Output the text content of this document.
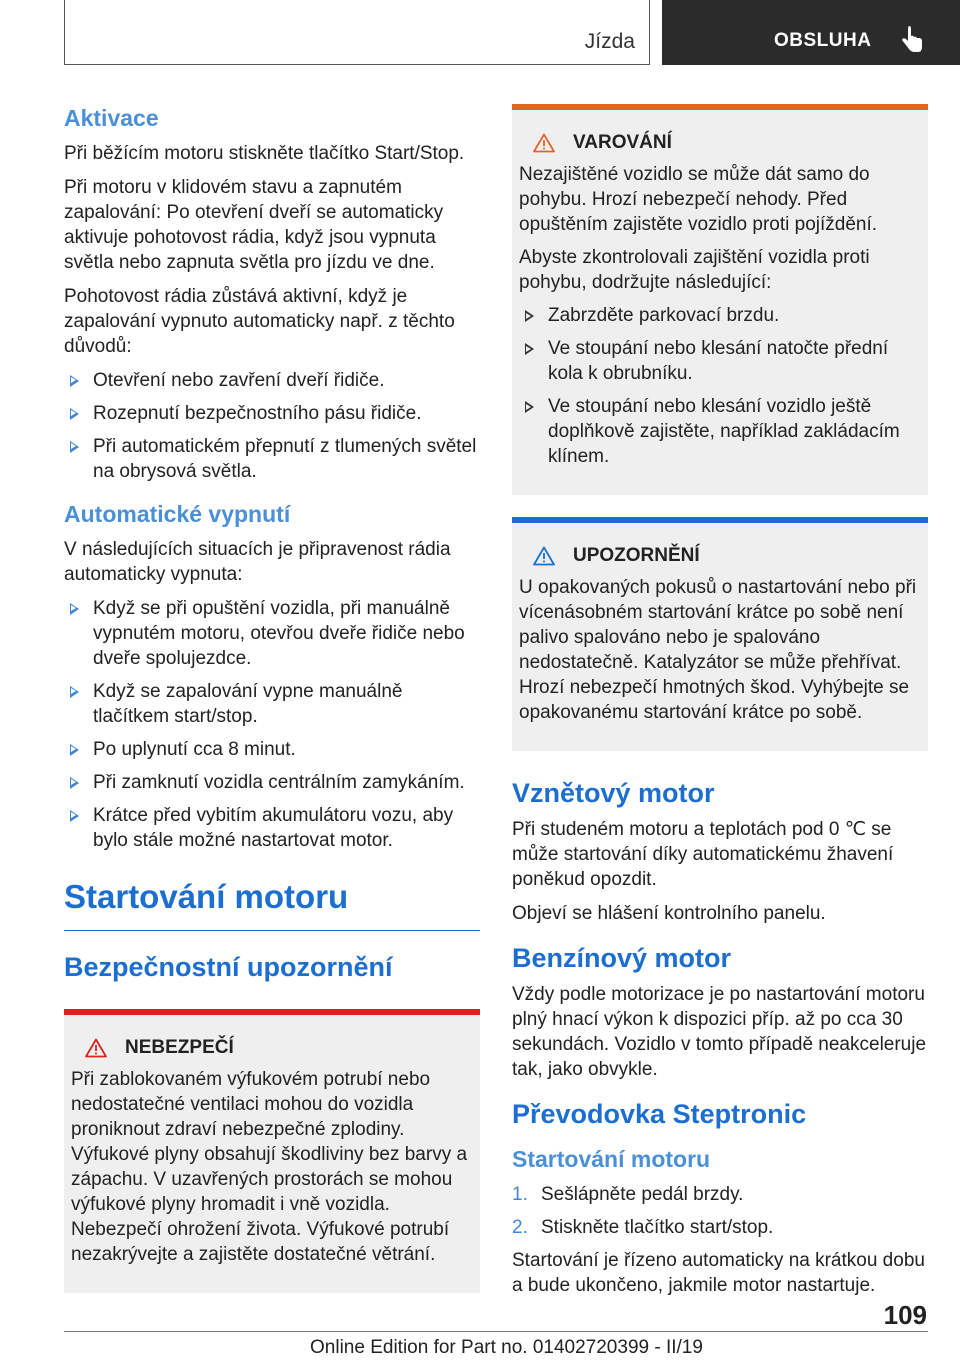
Jízda	OBSLUHA
Aktivace

Při běžícím motoru stiskněte tlačítko Start/Stop.

Při motoru v klidovém stavu a zapnutém zapalování: Po otevření dveří se automaticky aktivuje pohotovost rádia, když jsou vypnuta světla nebo zapnuta světla pro jízdu ve dne.

Pohotovost rádia zůstává aktivní, když je zapalování vypnuto automaticky např. z těchto důvodů:

Otevření nebo zavření dveří řidiče.
Rozepnutí bezpečnostního pásu řidiče.
Při automatickém přepnutí z tlumených světel na obrysová světla.
Automatické vypnutí

V následujících situacích je připravenost rádia automaticky vypnuta:

Když se při opuštění vozidla, při manuálně vypnutém motoru, otevřou dveře řidiče nebo dveře spolujezdce.
Když se zapalování vypne manuálně tlačítkem start/stop.
Po uplynutí cca 8 minut.
Při zamknutí vozidla centrálním zamykáním.
Krátce před vybitím akumulátoru vozu, aby bylo stále možné nastartovat motor.
Startování motoru
Bezpečnostní upozornění
NEBEZPEČÍ

Při zablokovaném výfukovém potrubí nebo nedostatečné ventilaci mohou do vozidla proniknout zdraví nebezpečné zplodiny. Výfukové plyny obsahují škodliviny bez barvy a zápachu. V uzavřených prostorách se mohou výfukové plyny hromadit i vně vozidla. Nebezpečí ohrožení života. Výfukové potrubí nezakrývejte a zajistěte dostatečné větrání.

VAROVÁNÍ

Nezajištěné vozidlo se může dát samo do pohybu. Hrozí nebezpečí nehody. Před opuštěním zajistěte vozidlo proti pojíždění.

Abyste zkontrolovali zajištění vozidla proti pohybu, dodržujte následující:

Zabrzděte parkovací brzdu.
Ve stoupání nebo klesání natočte přední kola k obrubníku.
Ve stoupání nebo klesání vozidlo ještě doplňkově zajistěte, například zakládacím klínem.
UPOZORNĚNÍ

U opakovaných pokusů o nastartování nebo při vícenásobném startování krátce po sobě není palivo spalováno nebo je spalováno nedostatečně. Katalyzátor se může přehřívat. Hrozí nebezpečí hmotných škod. Vyhýbejte se opakovanému startování krátce po sobě.

Vznětový motor

Při studeném motoru a teplotách pod 0 ℃ se může startování díky automatickému žhavení poněkud opozdit.

Objeví se hlášení kontrolního panelu.

Benzínový motor

Vždy podle motorizace je po nastartování motoru plný hnací výkon k dispozici příp. až po cca 30 sekundách. Vozidlo v tomto případě neakceleruje tak, jako obvykle.

Převodovka Steptronic
Startování motoru
1. Sešlápněte pedál brzdy.
2. Stiskněte tlačítko start/stop.

Startování je řízeno automaticky na krátkou dobu a bude ukončeno, jakmile motor nastartuje.

109
Online Edition for Part no. 01402720399 - II/19
